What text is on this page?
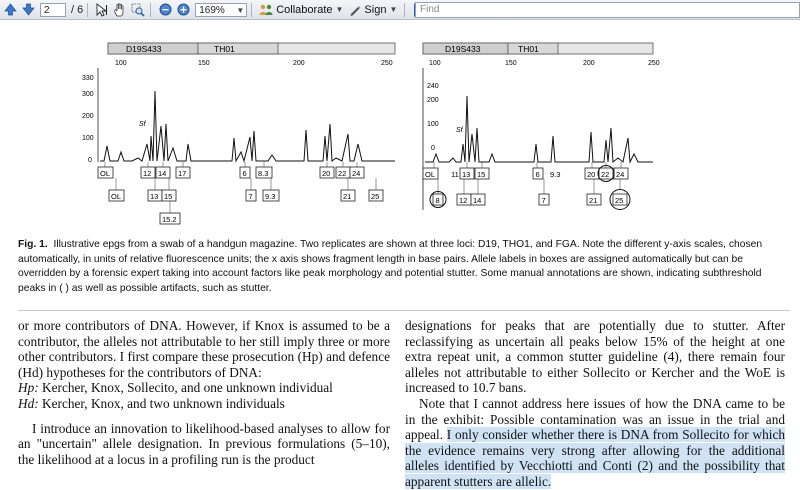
2	/ 6	169% ▼	Collaborate ▼ Sign ▼	Find
D19S433	TH01
100	150	200	250
330
300
200
100
0
Sf
OL	12 14 17	6 8.3	20 22 24
OL	13 15	7 9.3	21	25
15.2
D19S433	TH01
100	150	200	250
240
200
100
0
Sf
OL 11 13 15	6 9.3	20 22 24
8	12 14	7	21 25
Fig. 1. Illustrative epgs from a swab of a handgun magazine. Two replicates are shown at three loci: D19, THO1, and FGA. Note the different y-axis scales, chosen automatically, in units of relative fluorescence units; the x axis shows fragment length in base pairs. Allele labels in boxes are assigned automatically but can be overridden by a forensic expert taking into account factors like peak morphology and potential stutter. Some manual annotations are shown, indicating subthreshold peaks in ( ) as well as possible artifacts, such as stutter.

or more contributors of DNA. However, if Knox is assumed to be a contributor, the alleles not attributable to her still imply three or more other contributors. I first compare these prosecution (Hp) and defence (Hd) hypotheses for the contributors of DNA:

Hp: Kercher, Knox, Sollecito, and one unknown individual

Hd: Kercher, Knox, and two unknown individuals

I introduce an innovation to likelihood-based analyses to allow for an "uncertain" allele designation. In previous formulations (5–10), the likelihood at a locus in a profiling run is the product

designations for peaks that are potentially due to stutter. After reclassifying as uncertain all peaks below 15% of the height at one extra repeat unit, a common stutter guideline (4), there remain four alleles not attributable to either Sollecito or Kercher and the WoE is increased to 10.7 bans.

Note that I cannot address here issues of how the DNA came to be in the exhibit: Possible contamination was an issue in the trial and appeal. I only consider whether there is DNA from Sollecito for which the evidence remains very strong after allowing for the additional alleles identified by Vecchiotti and Conti (2) and the possibility that apparent stutters are allelic.
